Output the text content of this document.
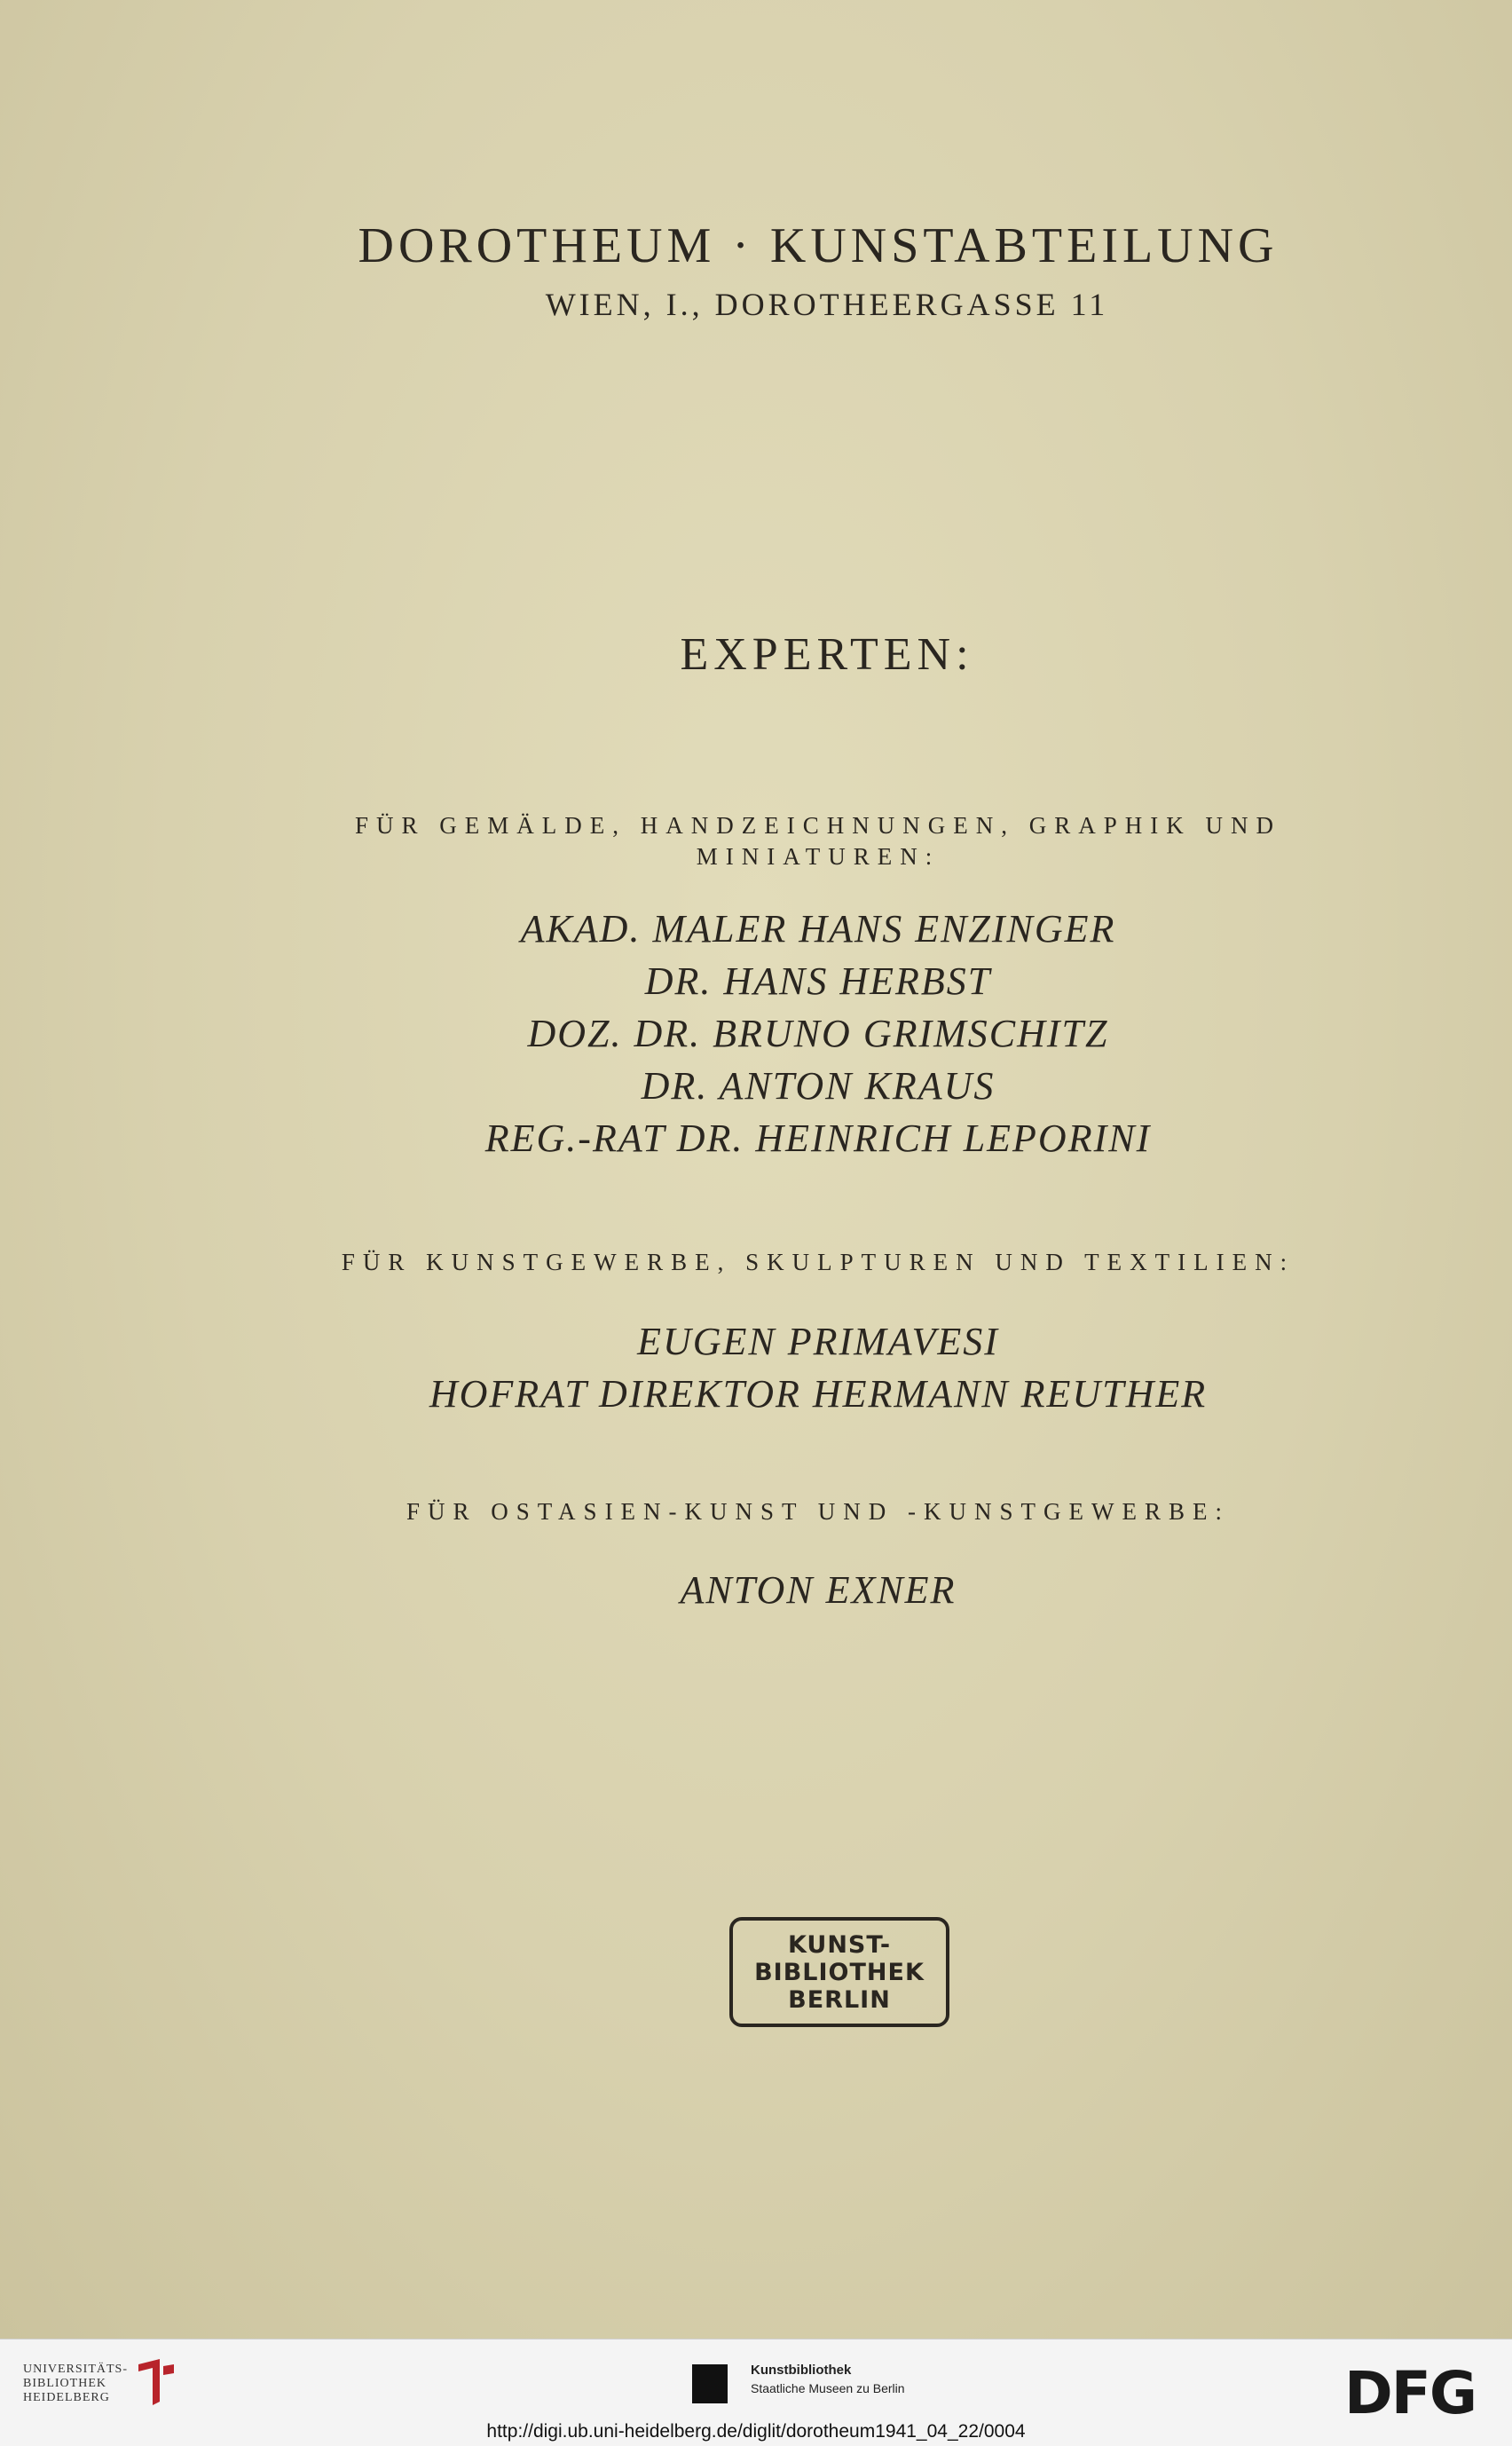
DOROTHEUM · KUNSTABTEILUNG
WIEN, I., DOROTHEERGASSE 11
EXPERTEN:
FÜR GEMÄLDE, HANDZEICHNUNGEN, GRAPHIK UND
MINIATUREN:
AKAD. MALER HANS ENZINGER
DR. HANS HERBST
DOZ. DR. BRUNO GRIMSCHITZ
DR. ANTON KRAUS
REG.-RAT DR. HEINRICH LEPORINI
FÜR KUNSTGEWERBE, SKULPTUREN UND TEXTILIEN:
EUGEN PRIMAVESI
HOFRAT DIREKTOR HERMANN REUTHER
FÜR OSTASIEN-KUNST UND -KUNSTGEWERBE:
ANTON EXNER
KUNST-
BIBLIOTHEK
BERLIN
UNIVERSITÄTS-
BIBLIOTHEK
HEIDELBERG
Kunstbibliothek
Staatliche Museen zu Berlin	DFG
http://digi.ub.uni-heidelberg.de/diglit/dorotheum1941_04_22/0004
